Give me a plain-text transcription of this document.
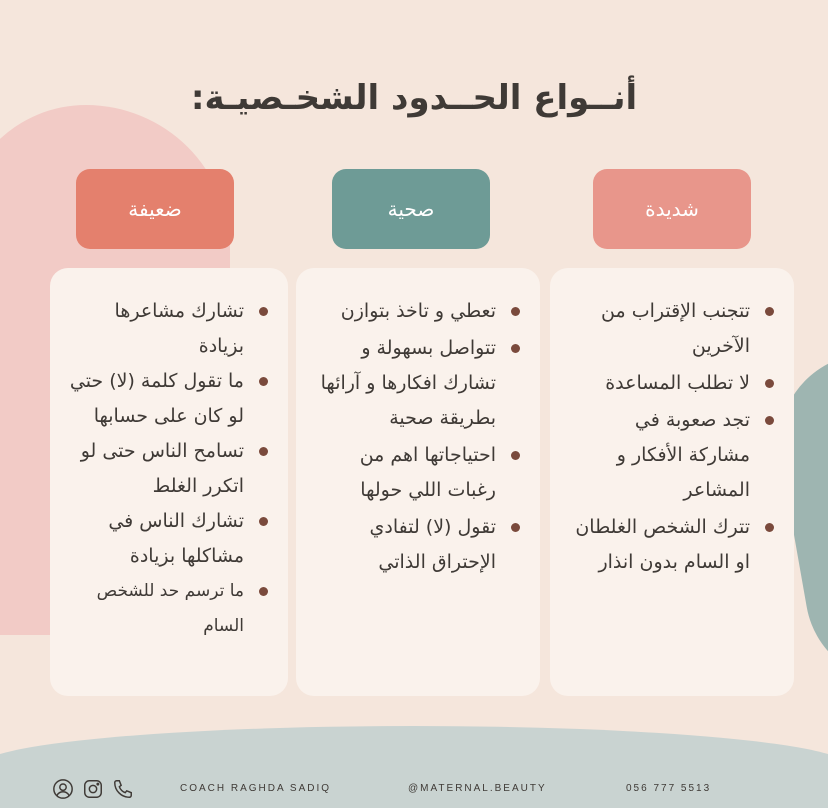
أنــواع الحــدود الشخـصيـة:
شديدة
تتجنب الإقتراب من الآخرين
لا تطلب المساعدة
تجد صعوبة في مشاركة الأفكار و المشاعر
تترك الشخص الغلطان او السام بدون انذار
صحية
تعطي و تاخذ بتوازن
تتواصل بسهولة و تشارك افكارها و آرائها بطريقة صحية
احتياجاتها اهم من رغبات اللي حولها
تقول (لا) لتفادي الإحتراق الذاتي
ضعيفة
تشارك مشاعرها بزيادة
ما تقول كلمة (لا) حتي لو كان على حسابها
تسامح الناس حتى لو اتكرر الغلط
تشارك الناس في مشاكلها بزيادة
ما ترسم حد للشخص السام
COACH RAGHDA SADIQ	@MATERNAL.BEAUTY	056 777 5513
